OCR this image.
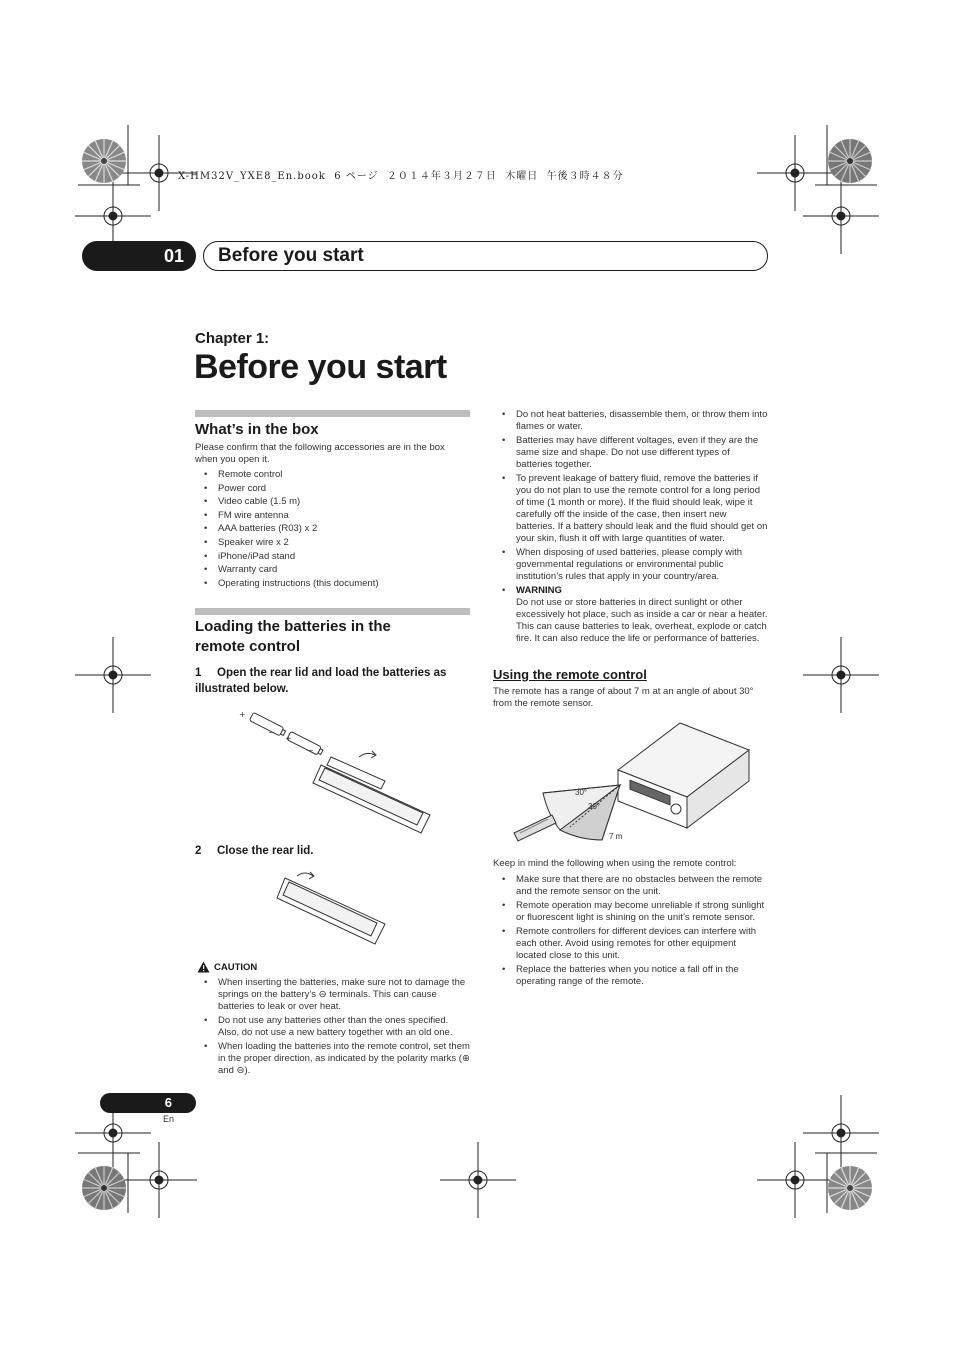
X-HM32V_YXE8_En.book  6 ページ  ２０１４年３月２７日  木曜日  午後３時４８分
01	Before you start
Chapter 1:
Before you start
What’s in the box
Please confirm that the following accessories are in the box when you open it.
• Remote control
• Power cord
• Video cable (1.5 m)
• FM wire antenna
• AAA batteries (R03) x 2
• Speaker wire x 2
• iPhone/iPad stand
• Warranty card
• Operating instructions (this document)
Loading the batteries in the
remote control
1 Open the rear lid and load the batteries as
illustrated below.
+
+
−
−
2 Close the rear lid.
CAUTION
• When inserting the batteries, make sure not to damage the springs on the battery’s ⊖ terminals. This can cause batteries to leak or over heat.
• Do not use any batteries other than the ones specified. Also, do not use a new battery together with an old one.
• When loading the batteries into the remote control, set them in the proper direction, as indicated by the polarity marks (⊕ and ⊖).
• Do not heat batteries, disassemble them, or throw them into flames or water.
• Batteries may have different voltages, even if they are the same size and shape. Do not use different types of batteries together.
• To prevent leakage of battery fluid, remove the batteries if you do not plan to use the remote control for a long period of time (1 month or more). If the fluid should leak, wipe it carefully off the inside of the case, then insert new batteries. If a battery should leak and the fluid should get on your skin, flush it off with large quantities of water.
• When disposing of used batteries, please comply with governmental regulations or environmental public institution’s rules that apply in your country/area.
• WARNING
Do not use or store batteries in direct sunlight or other excessively hot place, such as inside a car or near a heater. This can cause batteries to leak, overheat, explode or catch fire. It can also reduce the life or performance of batteries.
Using the remote control
The remote has a range of about 7 m at an angle of about 30° from the remote sensor.
30°
30°
7 m
Keep in mind the following when using the remote control:
• Make sure that there are no obstacles between the remote and the remote sensor on the unit.
• Remote operation may become unreliable if strong sunlight or fluorescent light is shining on the unit’s remote sensor.
• Remote controllers for different devices can interfere with each other. Avoid using remotes for other equipment located close to this unit.
• Replace the batteries when you notice a fall off in the operating range of the remote.
6
En
